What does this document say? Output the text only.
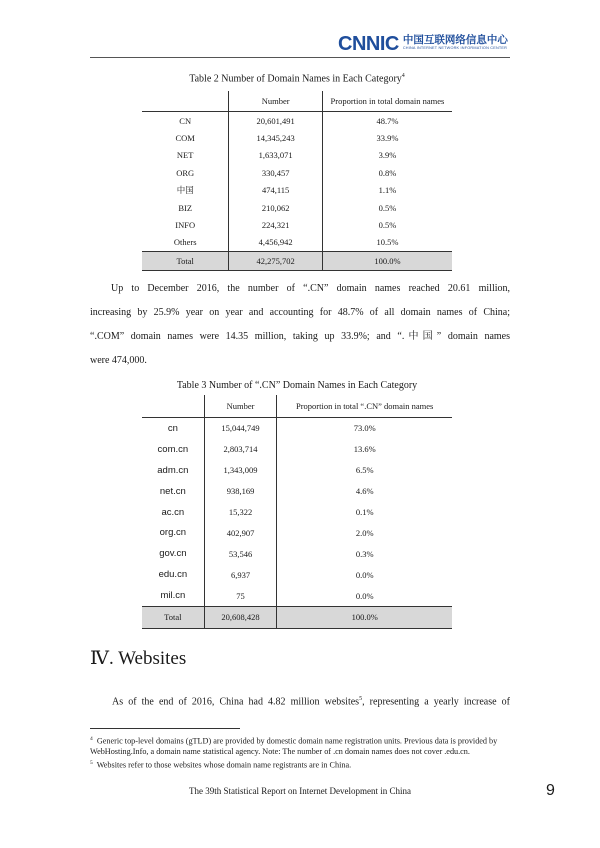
CNNIC 中国互联网络信息中心
CHINA INTERNET NETWORK INFORMATION CENTER
Table 2 Number of Domain Names in Each Category$^4$
	Number	Proportion in total domain names
CN	20,601,491	48.7%
COM	14,345,243	33.9%
NET	1,633,071	3.9%
ORG	330,457	0.8%
中国	474,115	1.1%
BIZ	210,062	0.5%
INFO	224,321	0.5%
Others	4,456,942	10.5%
Total	42,275,702	100.0%
Up to December 2016, the number of “.CN” domain names reached 20.61 million,
increasing by 25.9% year on year and accounting for 48.7% of all domain names of China;
“.COM” domain names were 14.35 million, taking up 33.9%; and “.中国” domain names
were 474,000.
Table 3 Number of “.CN” Domain Names in Each Category
	Number	Proportion in total “.CN” domain names
cn	15,044,749	73.0%
com.cn	2,803,714	13.6%
adm.cn	1,343,009	6.5%
net.cn	938,169	4.6%
ac.cn	15,322	0.1%
org.cn	402,907	2.0%
gov.cn	53,546	0.3%
edu.cn	6,937	0.0%
mil.cn	75	0.0%
Total	20,608,428	100.0%
Ⅳ. Websites
As of the end of 2016, China had 4.82 million websites$^5$, representing a yearly increase of

$^4$ Generic top-level domains (gTLD) are provided by domestic domain name registration units. Previous data is provided by WebHosting.Info, a domain name statistical agency. Note: The number of .cn domain names does not cover .edu.cn.

$^5$ Websites refer to those websites whose domain name registrants are in China.

The 39th Statistical Report on Internet Development in China	9
